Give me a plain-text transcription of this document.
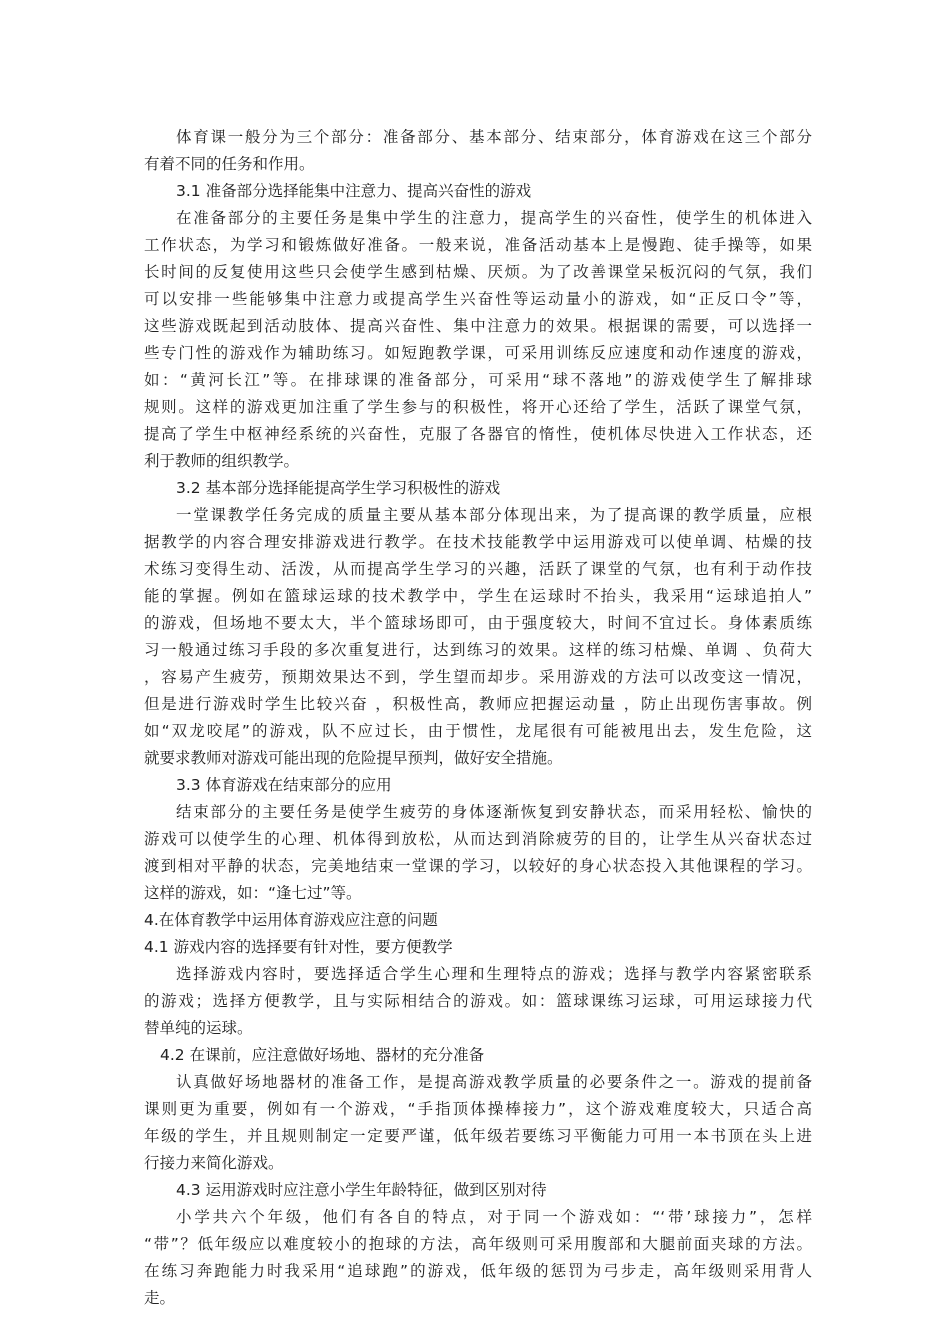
体育课一般分为三个部分：准备部分、基本部分、结束部分，体育游戏在这三个部分
有着不同的任务和作用。
3.1 准备部分选择能集中注意力、提高兴奋性的游戏
在准备部分的主要任务是集中学生的注意力，提高学生的兴奋性，使学生的机体进入
工作状态，为学习和锻炼做好准备。一般来说，准备活动基本上是慢跑、徒手操等，如果
长时间的反复使用这些只会使学生感到枯燥、厌烦。为了改善课堂呆板沉闷的气氛，我们
可以安排一些能够集中注意力或提高学生兴奋性等运动量小的游戏，如“正反口令”等，
这些游戏既起到活动肢体、提高兴奋性、集中注意力的效果。根据课的需要，可以选择一
些专门性的游戏作为辅助练习。如短跑教学课，可采用训练反应速度和动作速度的游戏，
如：“黄河长江”等。在排球课的准备部分，可采用“球不落地”的游戏使学生了解排球
规则。这样的游戏更加注重了学生参与的积极性，将开心还给了学生，活跃了课堂气氛，
提高了学生中枢神经系统的兴奋性，克服了各器官的惰性，使机体尽快进入工作状态，还
利于教师的组织教学。
3.2 基本部分选择能提高学生学习积极性的游戏
一堂课教学任务完成的质量主要从基本部分体现出来，为了提高课的教学质量，应根
据教学的内容合理安排游戏进行教学。在技术技能教学中运用游戏可以使单调、枯燥的技
术练习变得生动、活泼，从而提高学生学习的兴趣，活跃了课堂的气氛，也有利于动作技
能的掌握。例如在篮球运球的技术教学中，学生在运球时不抬头，我采用“运球追拍人”
的游戏，但场地不要太大，半个篮球场即可，由于强度较大，时间不宜过长。身体素质练
习一般通过练习手段的多次重复进行，达到练习的效果。这样的练习枯燥、单调 、负荷大
，容易产生疲劳，预期效果达不到，学生望而却步。采用游戏的方法可以改变这一情况，
但是进行游戏时学生比较兴奋 ，积极性高，教师应把握运动量 ，防止出现伤害事故。例
如“双龙咬尾”的游戏，队不应过长，由于惯性，龙尾很有可能被甩出去，发生危险，这
就要求教师对游戏可能出现的危险提早预判，做好安全措施。
3.3 体育游戏在结束部分的应用
结束部分的主要任务是使学生疲劳的身体逐渐恢复到安静状态，而采用轻松、愉快的
游戏可以使学生的心理、机体得到放松，从而达到消除疲劳的目的，让学生从兴奋状态过
渡到相对平静的状态，完美地结束一堂课的学习，以较好的身心状态投入其他课程的学习。
这样的游戏，如：“逢七过”等。
4.在体育教学中运用体育游戏应注意的问题
4.1 游戏内容的选择要有针对性，要方便教学
选择游戏内容时，要选择适合学生心理和生理特点的游戏；选择与教学内容紧密联系
的游戏；选择方便教学，且与实际相结合的游戏。如：篮球课练习运球，可用运球接力代
替单纯的运球。
4.2 在课前，应注意做好场地、器材的充分准备
认真做好场地器材的准备工作，是提高游戏教学质量的必要条件之一。游戏的提前备
课则更为重要，例如有一个游戏，“手指顶体操棒接力”，这个游戏难度较大，只适合高
年级的学生，并且规则制定一定要严谨，低年级若要练习平衡能力可用一本书顶在头上进
行接力来简化游戏。
4.3 运用游戏时应注意小学生年龄特征，做到区别对待
小学共六个年级，他们有各自的特点，对于同一个游戏如：“‘带’球接力”，怎样
“带”？低年级应以难度较小的抱球的方法，高年级则可采用腹部和大腿前面夹球的方法。
在练习奔跑能力时我采用“追球跑”的游戏，低年级的惩罚为弓步走，高年级则采用背人
走。
